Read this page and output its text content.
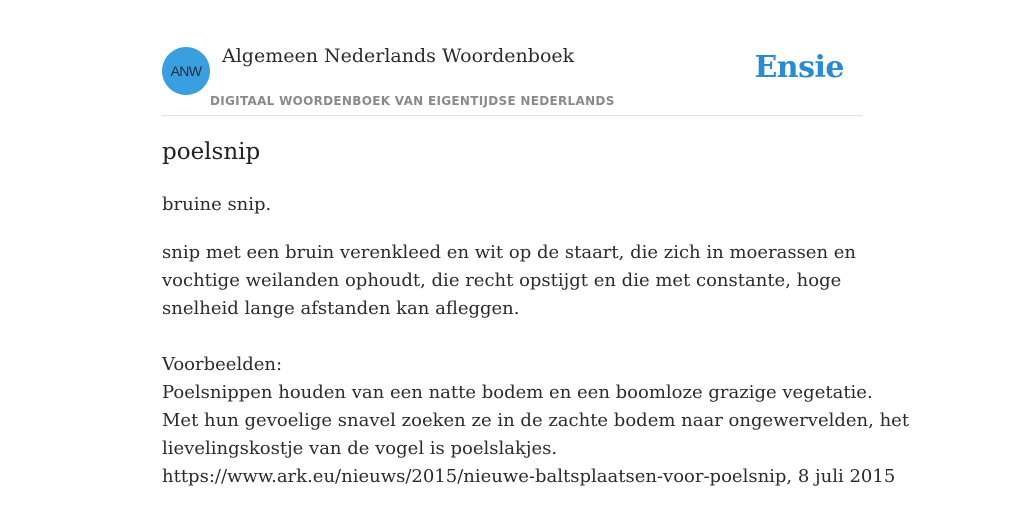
ANW
Algemeen Nederlands Woordenboek
DIGITAAL WOORDENBOEK VAN EIGENTIJDSE NEDERLANDS
Ensie
poelsnip
bruine snip.
snip met een bruin verenkleed en wit op de staart, die zich in moerassen en
vochtige weilanden ophoudt, die recht opstijgt en die met constante, hoge
snelheid lange afstanden kan afleggen.
Voorbeelden:
Poelsnippen houden van een natte bodem en een boomloze grazige vegetatie.
Met hun gevoelige snavel zoeken ze in de zachte bodem naar ongewervelden, het
lievelingskostje van de vogel is poelslakjes.
https://www.ark.eu/nieuws/2015/nieuwe-baltsplaatsen-voor-poelsnip, 8 juli 2015
